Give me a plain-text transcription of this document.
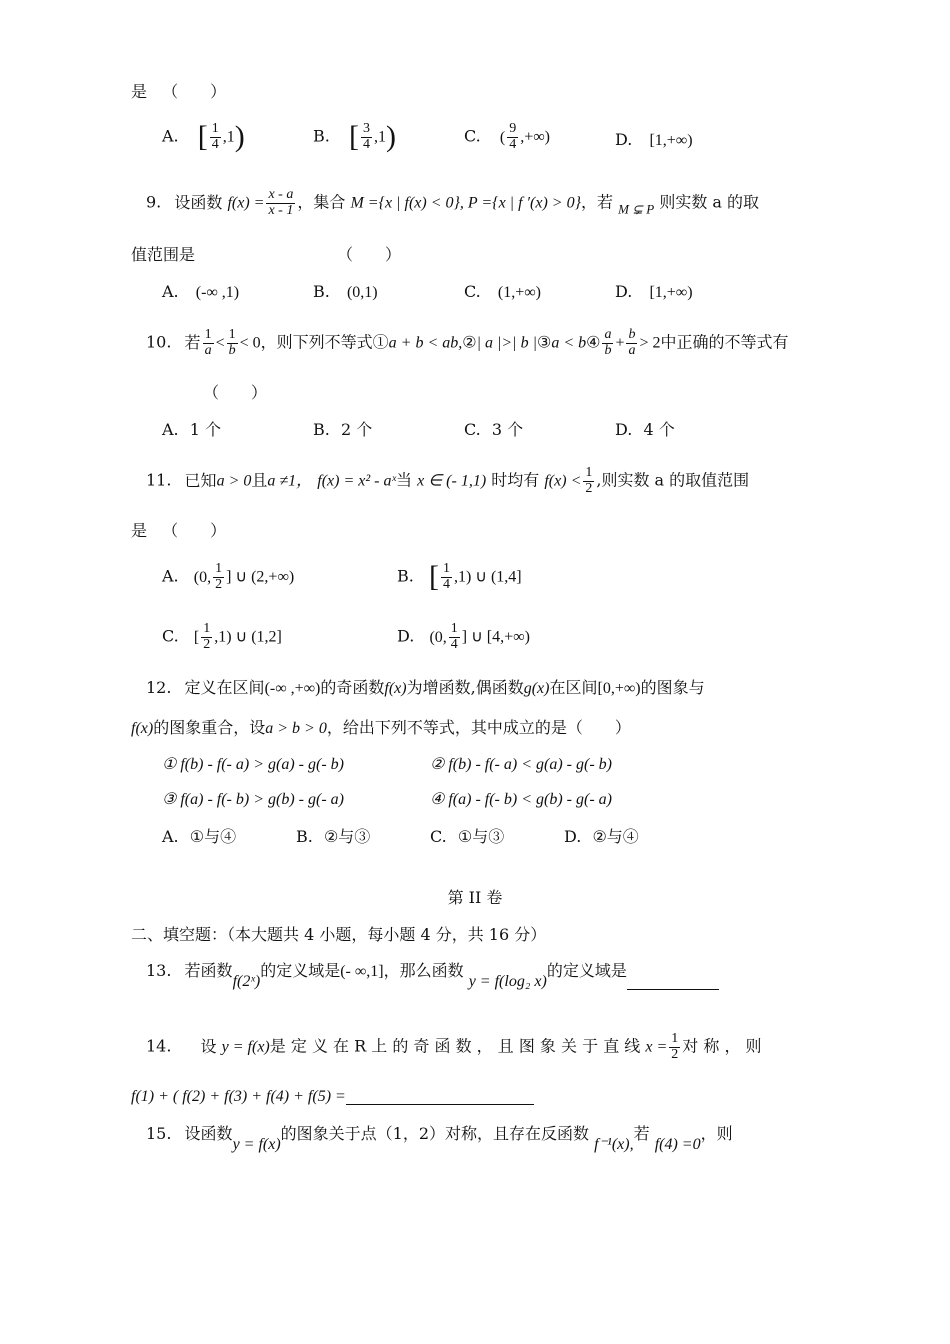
是 （　　）
A. [ $\frac{1}{4} ,1$)	B. [ $\frac{3}{4} ,1$)	C. ( $\frac{9}{4}$ ,+∞)	D. [1,+∞)
9. 设函数 $f(x) = \frac{x - a}{x - 1}$ ，集合 M ={x | f(x) < 0}, P ={x | f ′(x) > 0}，若 $_{M ⊊ P}$ 则实数 a 的取
值范围是	（　　）
A. (-∞ ,1)	B. (0,1)	C. (1,+∞)	D. [1,+∞)
10. 若 $\frac{1}{a} < \frac{1}{b} < 0$，则下列不等式①a + b < ab,②| a |>| b |③a < b④ $\frac{a}{b} + \frac{b}{a} > 2$中正确的不等式有
（　　）
A. 1 个	B. 2 个	C. 3 个	D. 4 个
11. 已知a > 0且a ≠1， f(x) = x² - aˣ当 x ∈ (- 1,1) 时均有 $f(x) < \frac{1}{2}$ ,则实数 a 的取值范围
是 （　　）
A. (0, $\frac{1}{2}$ ] ∪ (2,+∞)	B. [ $\frac{1}{4} ,1$) ∪ (1,4]
C. [ $\frac{1}{2} ,1$) ∪ (1,2]	D. (0, $\frac{1}{4}$ ] ∪ [4,+∞)
12. 定义在区间(-∞ ,+∞)的奇函数f(x)为增函数,偶函数g(x)在区间[0,+∞)的图象与
f(x)的图象重合，设a > b > 0，给出下列不等式，其中成立的是（　　）
① f(b) - f(- a) > g(a) - g(- b)	② f(b) - f(- a) < g(a) - g(- b)
③ f(a) - f(- b) > g(b) - g(- a)	④ f(a) - f(- b) < g(b) - g(- a)
A. ①与④	B. ②与③	C. ①与③	D. ②与④
第 II 卷
二、填空题：（本大题共 4 小题，每小题 4 分，共 16 分）
13. 若函数f(2ˣ)的定义域是(- ∞,1]，那么函数 y = f(log₂ x)的定义域是
14. 设 y = f(x)是 定 义 在 R 上 的 奇 函 数 ， 且 图 象 关 于 直 线 $x = \frac{1}{2}$ 对 称 ， 则
f(1) + ( f(2) + f(3) + f(4) + f(5) =
15. 设函数y = f(x)的图象关于点（1，2）对称，且存在反函数 f⁻¹(x),若 f(4) =0，则
